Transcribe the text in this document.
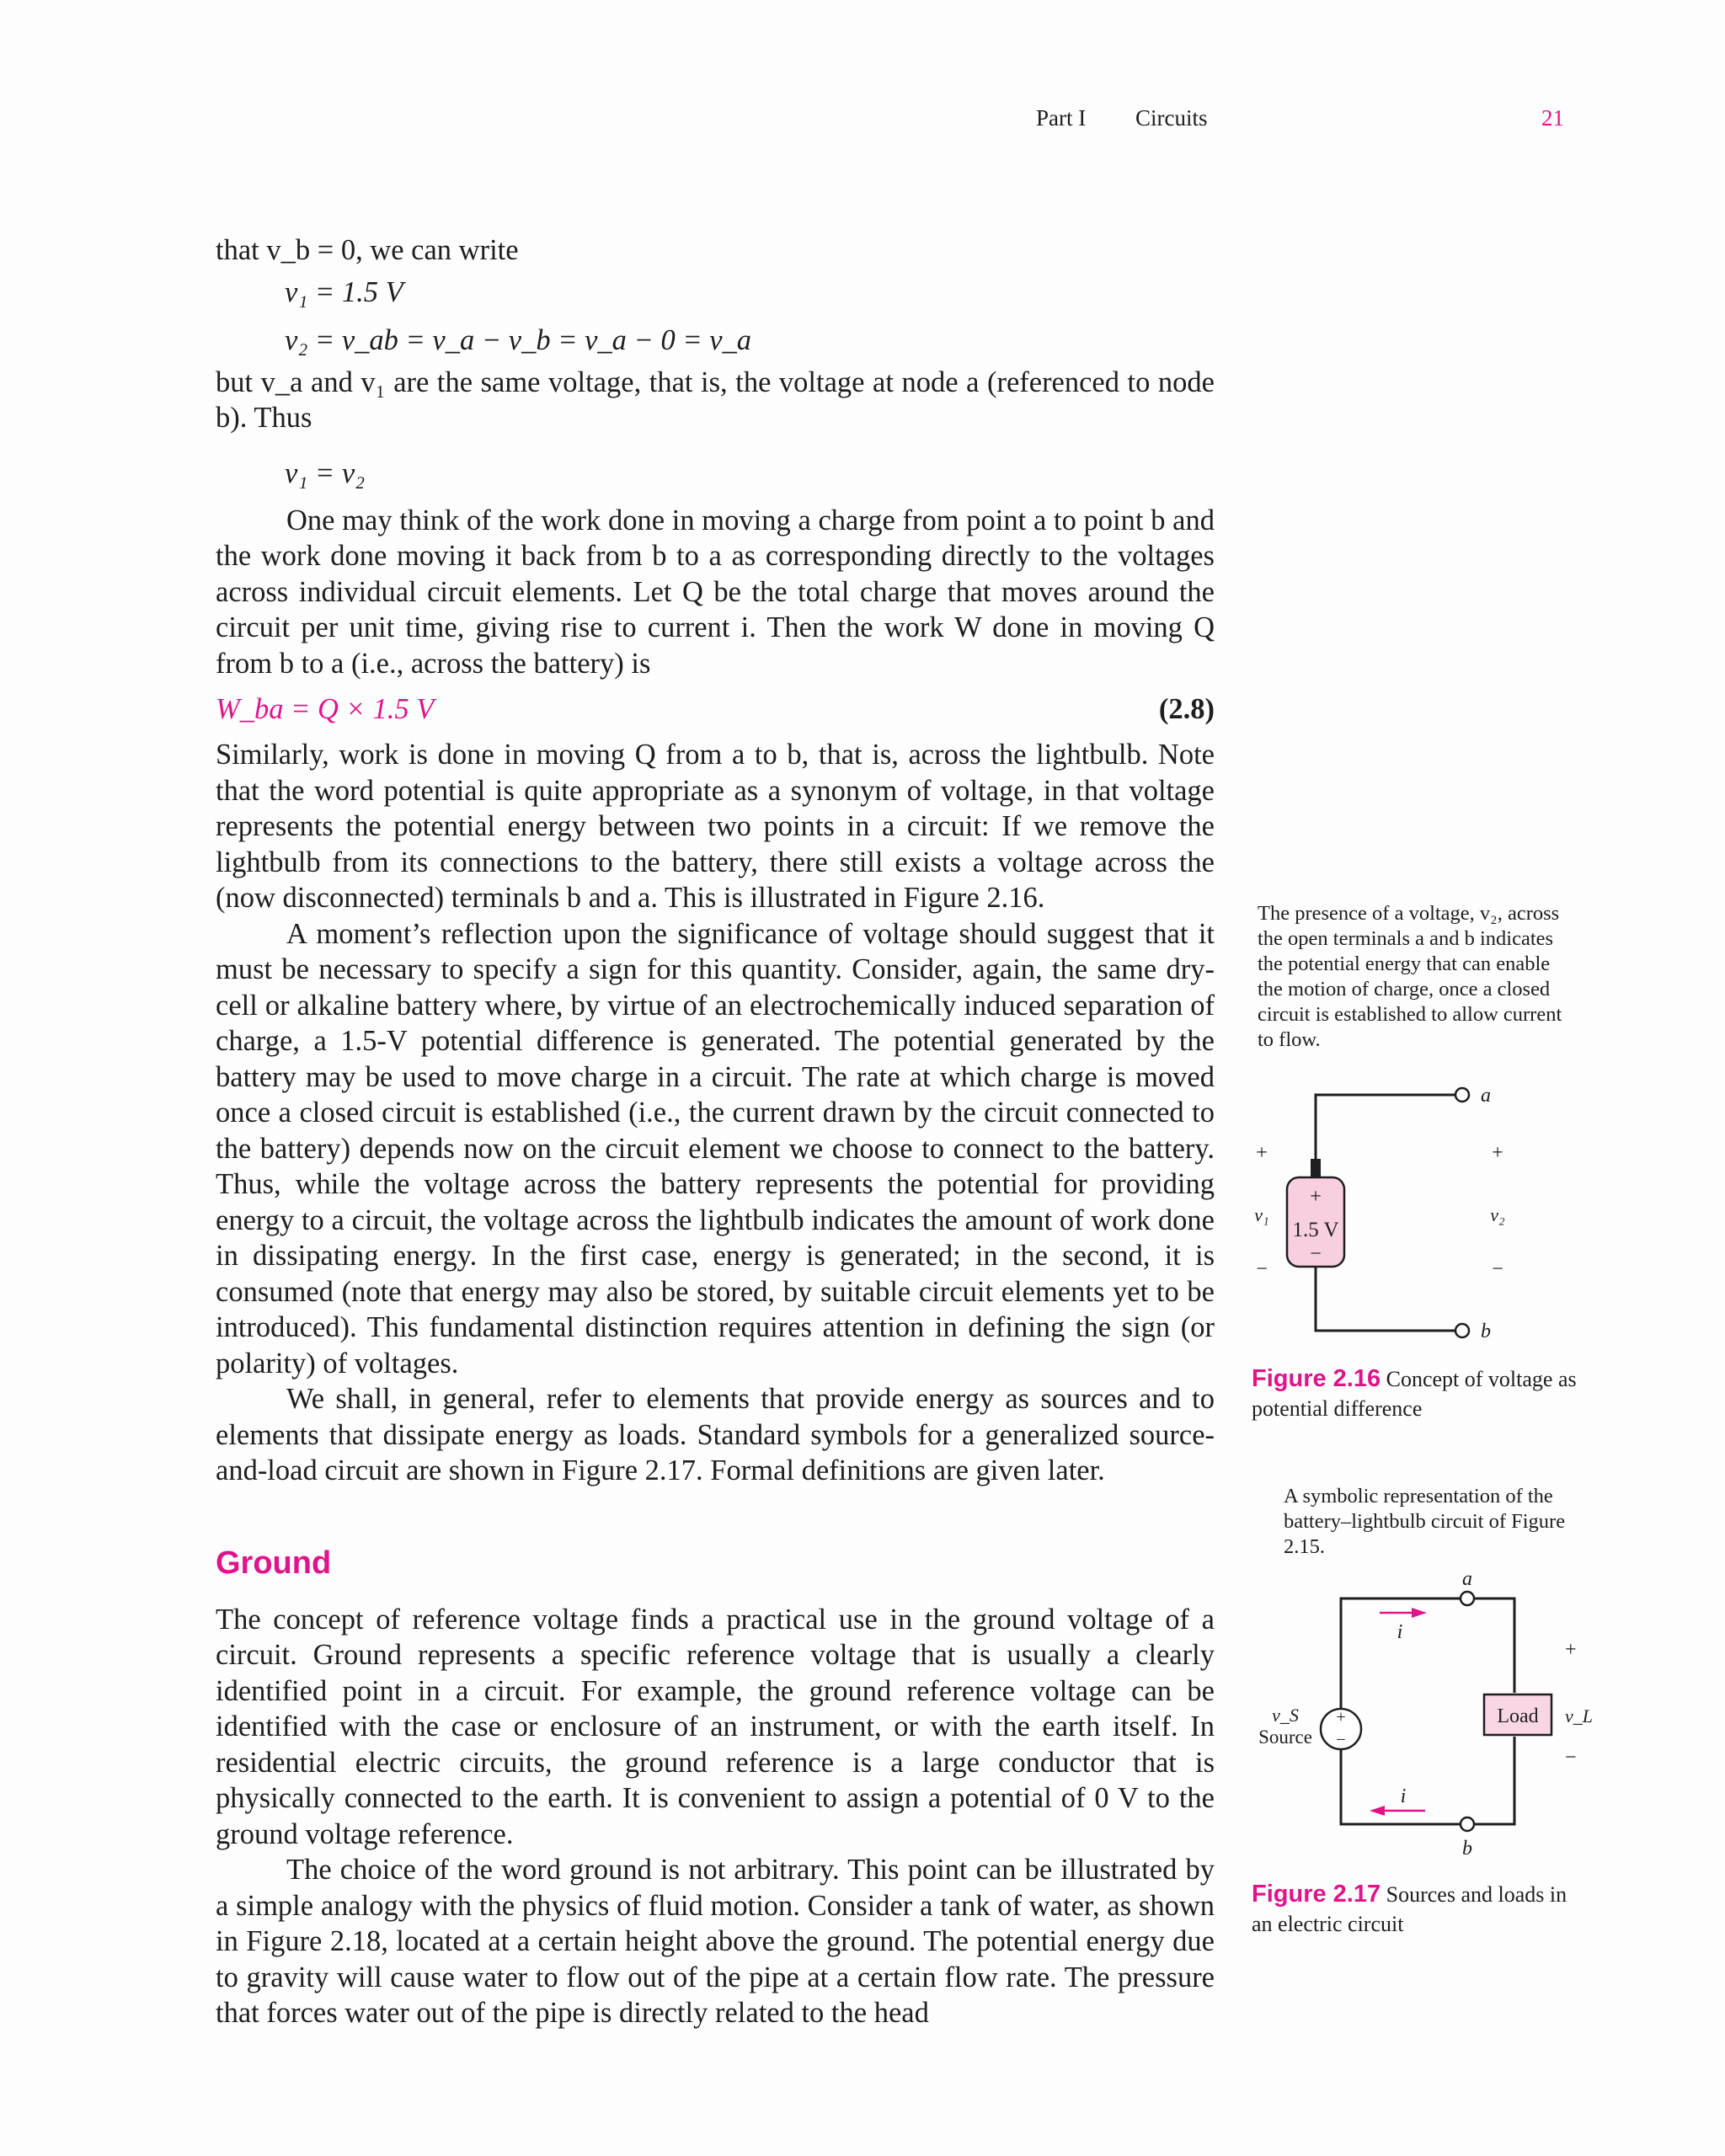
Part I Circuits	21

that v_b = 0, we can write

v₁ = 1.5 V
v₂ = v_ab = v_a − v_b = v_a − 0 = v_a

but v_a and v₁ are the same voltage, that is, the voltage at node a (referenced to node b). Thus

v₁ = v₂

One may think of the work done in moving a charge from point a to point b and the work done moving it back from b to a as corresponding directly to the voltages across individual circuit elements. Let Q be the total charge that moves around the circuit per unit time, giving rise to current i. Then the work W done in moving Q from b to a (i.e., across the battery) is

W_ba = Q × 1.5 V	(2.8)

Similarly, work is done in moving Q from a to b, that is, across the lightbulb. Note that the word potential is quite appropriate as a synonym of voltage, in that voltage represents the potential energy between two points in a circuit: If we remove the lightbulb from its connections to the battery, there still exists a voltage across the (now disconnected) terminals b and a. This is illustrated in Figure 2.16.

A moment’s reflection upon the significance of voltage should suggest that it must be necessary to specify a sign for this quantity. Consider, again, the same dry-cell or alkaline battery where, by virtue of an electrochemically induced separation of charge, a 1.5-V potential difference is generated. The potential generated by the battery may be used to move charge in a circuit. The rate at which charge is moved once a closed circuit is established (i.e., the current drawn by the circuit connected to the battery) depends now on the circuit element we choose to connect to the battery. Thus, while the voltage across the battery represents the potential for providing energy to a circuit, the voltage across the lightbulb indicates the amount of work done in dissipating energy. In the first case, energy is generated; in the second, it is consumed (note that energy may also be stored, by suitable circuit elements yet to be introduced). This fundamental distinction requires attention in defining the sign (or polarity) of voltages.

We shall, in general, refer to elements that provide energy as sources and to elements that dissipate energy as loads. Standard symbols for a generalized source-and-load circuit are shown in Figure 2.17. Formal definitions are given later.

Ground

The concept of reference voltage finds a practical use in the ground voltage of a circuit. Ground represents a specific reference voltage that is usually a clearly identified point in a circuit. For example, the ground reference voltage can be identified with the case or enclosure of an instrument, or with the earth itself. In residential electric circuits, the ground reference is a large conductor that is physically connected to the earth. It is convenient to assign a potential of 0 V to the ground voltage reference.

The choice of the word ground is not arbitrary. This point can be illustrated by a simple analogy with the physics of fluid motion. Consider a tank of water, as shown in Figure 2.18, located at a certain height above the ground. The potential energy due to gravity will cause water to flow out of the pipe at a certain flow rate. The pressure that forces water out of the pipe is directly related to the head

The presence of a voltage, v₂, across the open terminals a and b indicates the potential energy that can enable the motion of charge, once a closed circuit is established to allow current to flow.
A symbolic representation of the battery–lightbulb circuit of Figure 2.15.
+
1.5 V
−
a
b
+
v₁
−
+
v₂
−
Figure 2.16 Concept of voltage as potential difference
a
+
−
v_S
Source
Load v_L
+
−
i
i
b
Figure 2.17 Sources and loads in an electric circuit
